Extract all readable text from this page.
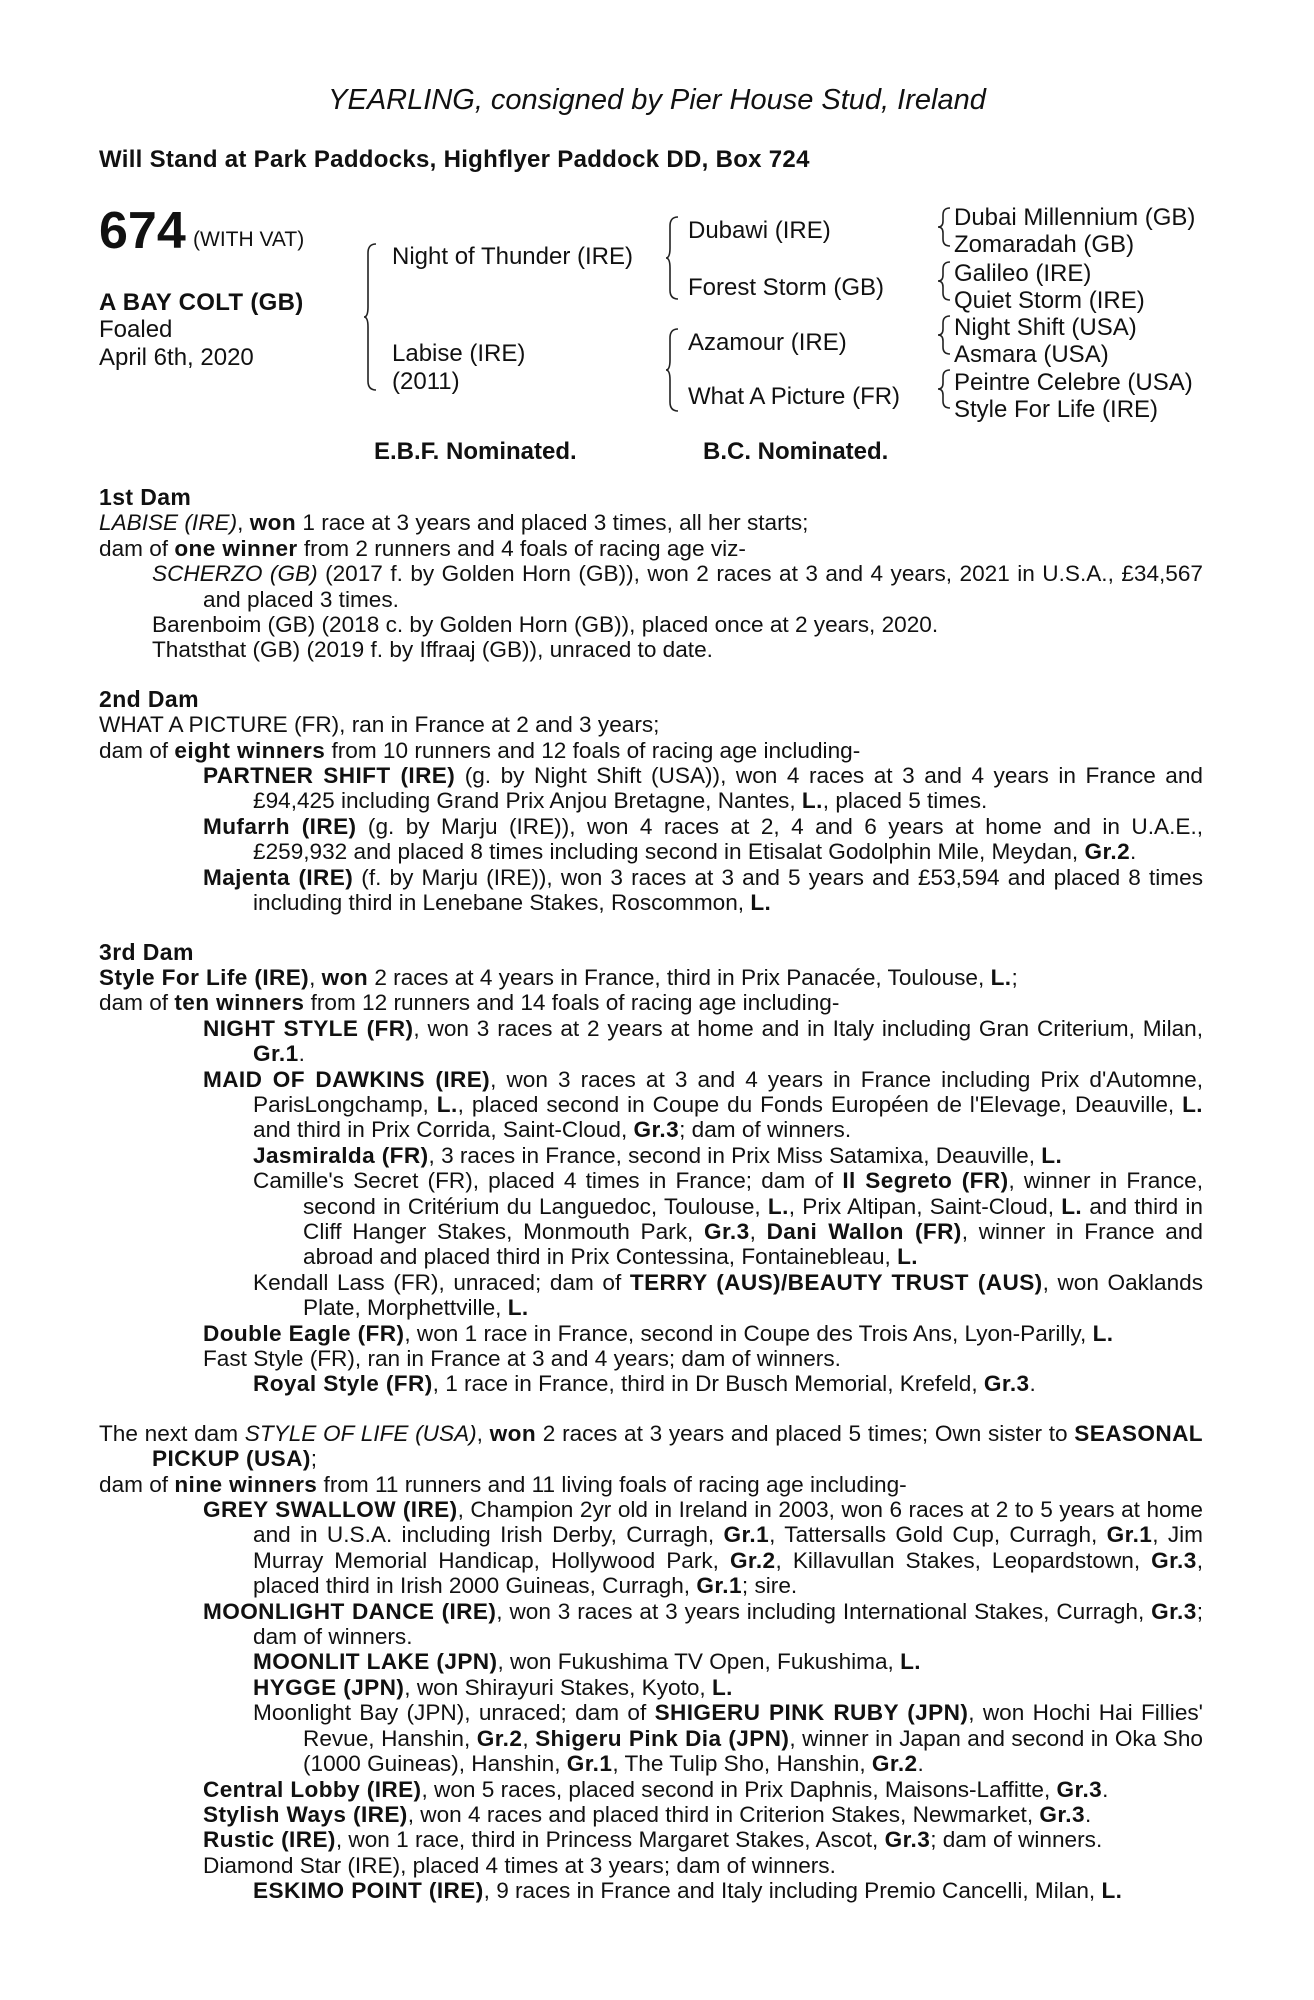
YEARLING, consigned by Pier House Stud, Ireland
Will Stand at Park Paddocks, Highflyer Paddock DD, Box 724
674 (WITH VAT)
A BAY COLT (GB)
Foaled
April 6th, 2020
Night of Thunder (IRE)
Labise (IRE)
(2011)
Dubawi (IRE)
Forest Storm (GB)
Azamour (IRE)
What A Picture (FR)
Dubai Millennium (GB)
Zomaradah (GB)
Galileo (IRE)
Quiet Storm (IRE)
Night Shift (USA)
Asmara (USA)
Peintre Celebre (USA)
Style For Life (IRE)
E.B.F. Nominated.	B.C. Nominated.
1st Dam

LABISE (IRE), won 1 race at 3 years and placed 3 times, all her starts;

dam of one winner from 2 runners and 4 foals of racing age viz-

SCHERZO (GB) (2017 f. by Golden Horn (GB)), won 2 races at 3 and 4 years, 2021 in U.S.A., £34,567 and placed 3 times.

Barenboim (GB) (2018 c. by Golden Horn (GB)), placed once at 2 years, 2020.

Thatsthat (GB) (2019 f. by Iffraaj (GB)), unraced to date.

2nd Dam

WHAT A PICTURE (FR), ran in France at 2 and 3 years;

dam of eight winners from 10 runners and 12 foals of racing age including-

PARTNER SHIFT (IRE) (g. by Night Shift (USA)), won 4 races at 3 and 4 years in France and £94,425 including Grand Prix Anjou Bretagne, Nantes, L., placed 5 times.

Mufarrh (IRE) (g. by Marju (IRE)), won 4 races at 2, 4 and 6 years at home and in U.A.E., £259,932 and placed 8 times including second in Etisalat Godolphin Mile, Meydan, Gr.2.

Majenta (IRE) (f. by Marju (IRE)), won 3 races at 3 and 5 years and £53,594 and placed 8 times including third in Lenebane Stakes, Roscommon, L.

3rd Dam

Style For Life (IRE), won 2 races at 4 years in France, third in Prix Panacée, Toulouse, L.;

dam of ten winners from 12 runners and 14 foals of racing age including-

NIGHT STYLE (FR), won 3 races at 2 years at home and in Italy including Gran Criterium, Milan, Gr.1.

MAID OF DAWKINS (IRE), won 3 races at 3 and 4 years in France including Prix d'Automne, ParisLongchamp, L., placed second in Coupe du Fonds Européen de l'Elevage, Deauville, L. and third in Prix Corrida, Saint-Cloud, Gr.3; dam of winners.

Jasmiralda (FR), 3 races in France, second in Prix Miss Satamixa, Deauville, L.

Camille's Secret (FR), placed 4 times in France; dam of Il Segreto (FR), winner in France, second in Critérium du Languedoc, Toulouse, L., Prix Altipan, Saint-Cloud, L. and third in Cliff Hanger Stakes, Monmouth Park, Gr.3, Dani Wallon (FR), winner in France and abroad and placed third in Prix Contessina, Fontainebleau, L.

Kendall Lass (FR), unraced; dam of TERRY (AUS)/BEAUTY TRUST (AUS), won Oaklands Plate, Morphettville, L.

Double Eagle (FR), won 1 race in France, second in Coupe des Trois Ans, Lyon-Parilly, L.

Fast Style (FR), ran in France at 3 and 4 years; dam of winners.

Royal Style (FR), 1 race in France, third in Dr Busch Memorial, Krefeld, Gr.3.

The next dam STYLE OF LIFE (USA), won 2 races at 3 years and placed 5 times; Own sister to SEASONAL PICKUP (USA);

dam of nine winners from 11 runners and 11 living foals of racing age including-

GREY SWALLOW (IRE), Champion 2yr old in Ireland in 2003, won 6 races at 2 to 5 years at home and in U.S.A. including Irish Derby, Curragh, Gr.1, Tattersalls Gold Cup, Curragh, Gr.1, Jim Murray Memorial Handicap, Hollywood Park, Gr.2, Killavullan Stakes, Leopardstown, Gr.3, placed third in Irish 2000 Guineas, Curragh, Gr.1; sire.

MOONLIGHT DANCE (IRE), won 3 races at 3 years including International Stakes, Curragh, Gr.3; dam of winners.

MOONLIT LAKE (JPN), won Fukushima TV Open, Fukushima, L.

HYGGE (JPN), won Shirayuri Stakes, Kyoto, L.

Moonlight Bay (JPN), unraced; dam of SHIGERU PINK RUBY (JPN), won Hochi Hai Fillies' Revue, Hanshin, Gr.2, Shigeru Pink Dia (JPN), winner in Japan and second in Oka Sho (1000 Guineas), Hanshin, Gr.1, The Tulip Sho, Hanshin, Gr.2.

Central Lobby (IRE), won 5 races, placed second in Prix Daphnis, Maisons-Laffitte, Gr.3.

Stylish Ways (IRE), won 4 races and placed third in Criterion Stakes, Newmarket, Gr.3.

Rustic (IRE), won 1 race, third in Princess Margaret Stakes, Ascot, Gr.3; dam of winners.

Diamond Star (IRE), placed 4 times at 3 years; dam of winners.

ESKIMO POINT (IRE), 9 races in France and Italy including Premio Cancelli, Milan, L.
